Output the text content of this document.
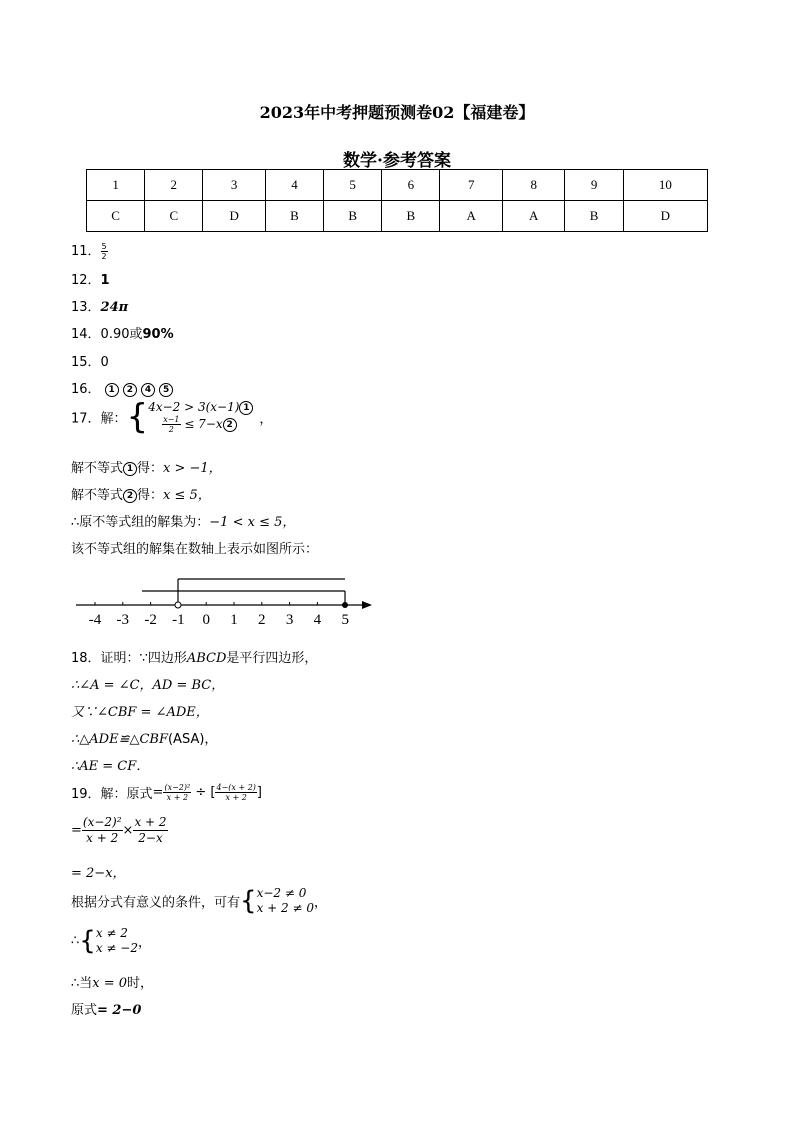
2023年中考押题预测卷02【福建卷】
数学·参考答案
1	2	3	4	5	6	7	8	9	10
C	C	D	B	B	B	A	A	B	D
11． $\frac{5}{2}$
12．1
13．24π
14．0.90或90%
15．0
16． 1 2 4 5
17．解：{ 4x−2 > 3(x−1) 1
$\frac{x-1}{2} \le 7-x$ 2	，
解不等式 1 得：x > −1，
解不等式 2 得：x ≤ 5，
∴原不等式组的解集为：−1 < x ≤ 5，
该不等式组的解集在数轴上表示如图所示：
-4 -3 -2 -1 0 1 2 3 4 5
18．证明：∵四边形ABCD是平行四边形，
∴∠A = ∠C，AD = BC，
又∵∠CBF = ∠ADE，
∴△ADE≌△CBF(ASA)，
∴AE = CF．
19．解：原式= $\frac{\text{(x−2)²}}{x + 2}$ ÷ [ $\frac{4-(x + 2)}{x + 2}$ ]
= $\frac{\text{(x−2)²}}{x + 2} \times \frac{x + 2}{2-x}$
= 2−x，
根据分式有意义的条件，可有{ x−2 ≠ 0
x + 2 ≠ 0 ，
∴{ x ≠ 2
x ≠ −2 ，
∴当x = 0时，
原式= 2−0
